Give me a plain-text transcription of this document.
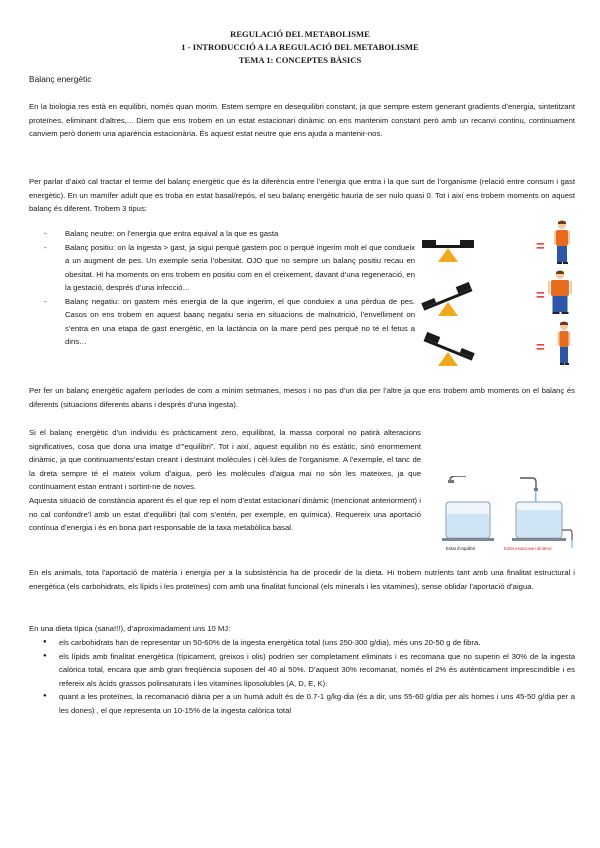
REGULACIÓ DEL METABOLISME
1 - INTRODUCCIÓ A LA REGULACIÓ DEL METABOLISME
TEMA 1: CONCEPTES BÀSICS
Balanç energètic

En la biologia res està en equilibri, només quan morim. Estem sempre en desequilibri constant, ja que sempre estem generant gradients d’energia, sintetitzant proteïnes, eliminant d’altres,... Diem que ens trobem en un estat estacionari dinàmic on ens mantenim constant però amb un recanvi continu, continuament canviem però donem una aparència estacionària. És aquest estat neutre que ens ajuda a mantenir-nos.

Per parlar d’això cal tractar el terme del balanç energètic que és la diferència entre l’energia que entra i la que surt de l’organisme (relació entre consum i gast energètic). En un mamífer adult que es troba en estat basal/repós, el seu balanç energètic hauria de ser nulo quasi 0. Tot i així ens trobem moments on aquest balanç és diferent. Trobem 3 tipus:

- Balanç neutre: on l’energia que entra equival a la que es gasta
- Balanç positiu: on la ingesta > gast, ja sigui perquè gastem poc o perquè ingerim molt el que condueix a un augment de pes. Un exemple seria l’obesitat. OJO que no sempre un balanç positiu recau en obesitat. Hi ha moments on ens trobem en positiu com en el creixement, davant d’una regeneració, en la gestació, després d’una infecció…
- Balanç negatiu: on gastem més energia de la que ingerim, el que conduiex a una pèrdua de pes. Casos on ens trobem en aquest baanç negatiu seria en situacions de malnutrició, l’envelliment on s’entra en una etapa de gast energètic, en la lactància on la mare perd pes perquè no té el fetus a dins…
=
=
=

Per fer un balanç energètic agafem períodes de com a mínim setmanes, mesos i no pas d’un dia per l’altre ja que ens trobem amb moments on el balanç és diferents (situacions diferents abans i després d’una ingesta).

Si el balanç energètic d’un individu és pràcticament zero, equilibrat, la massa corporal no patirà alteracions significatives, cosa que dona una imatge d’”equilibri”. Tot i així, aquest equilibri no és estàtic, sinó enormement dinàmic, ja que continuaments’estan creant i destruint molècules i cèl·lules de l’organisme. A l’exemple, el tanc de la dreta sempre té el mateix volum d’aigua, però les molècules d’aigua mai no són les mateixes, ja que contínuament estan entrant i sortint-ne de noves.

Aquesta situació de constància aparent és el que rep el nom d’estat estacionari dinàmic (mencionat anteriorment) i no cal confondre’l amb un estat d’equilibri (tal com s’entén, per exemple, en química). Requereix una aportació contínua d’energia i és en bona part responsable de la taxa metabòlica basal.

Estat d’equilibri	Estat estacionari dinàmic

En els animals, tota l’aportació de matèria i energia per a la subsistència ha de procedir de la dieta. Hi trobem nutrients tant amb una finalitat estructural i energètica (els carbohidrats, els lípids i les proteïnes) com amb una finalitat funcional (els minerals i les vitamines), sense oblidar l’aportació d’aigua.

En una dieta típica (sana!!!), d’aproximadament uns 10 MJ:

● els carbohidrats han de representar un 50-60% de la ingesta energètica total (uns 250-300 g/dia), més uns 20-50 g de fibra.
● els lípids amb finalitat energètica (típicament, greixos i olis) podrien ser completament eliminats i es recomana que no superin el 30% de la ingesta calòrica total, encara que amb gran freqüència suposen del 40 al 50%. D’aquest 30% recomanat, només el 2% és autènticament imprescindible i es refereix als àcids grassos polinsaturats i les vitamines liposolubles (A, D, E, K).
● quant a les proteïnes, la recomanació diària per a un humà adult és de 0.7-1 g/kg·dia (és a dir, uns 55-60 g/dia per als homes i uns 45-50 g/dia per a les dones) , el que representa un 10-15% de la ingesta calòrica total
